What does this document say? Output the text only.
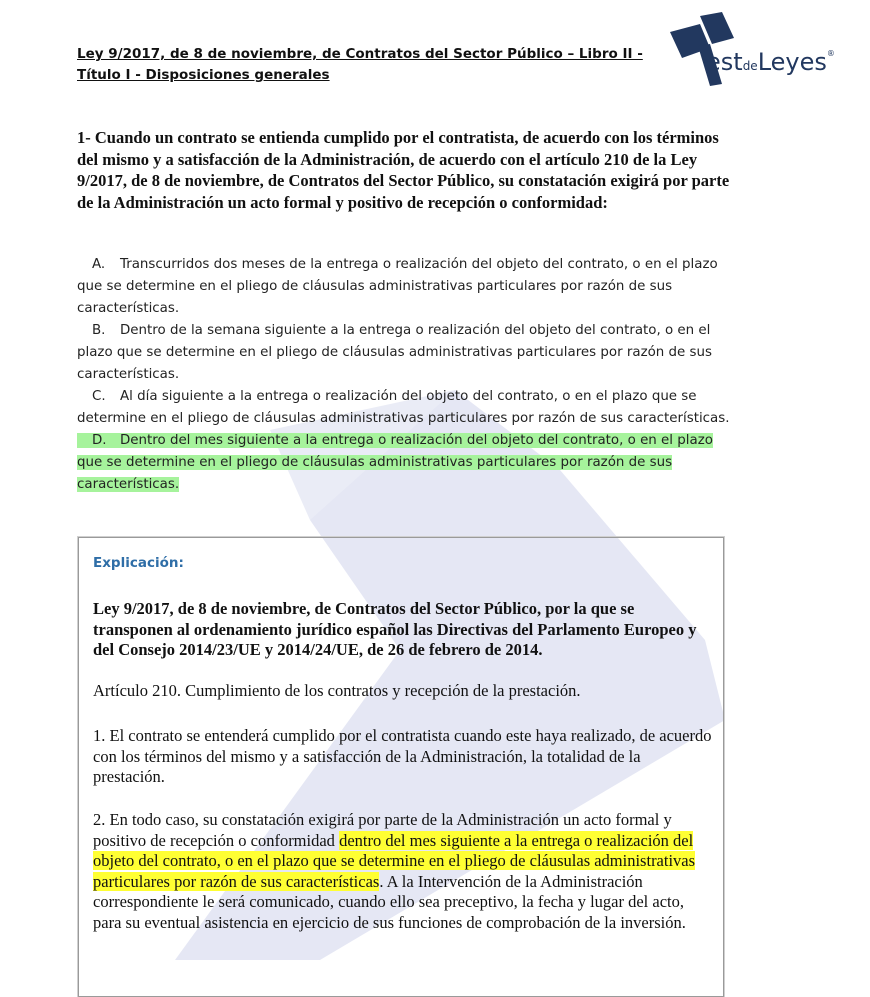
Ley 9/2017, de 8 de noviembre, de Contratos del Sector Público – Libro II - Título I - Disposiciones generales	estdeLeyes®
1- Cuando un contrato se entienda cumplido por el contratista, de acuerdo con los términos del mismo y a satisfacción de la Administración, de acuerdo con el artículo 210 de la Ley 9/2017, de 8 de noviembre, de Contratos del Sector Público, su constatación exigirá por parte de la Administración un acto formal y positivo de recepción o conformidad:
A. Transcurridos dos meses de la entrega o realización del objeto del contrato, o en el plazo que se determine en el pliego de cláusulas administrativas particulares por razón de sus características.
B. Dentro de la semana siguiente a la entrega o realización del objeto del contrato, o en el plazo que se determine en el pliego de cláusulas administrativas particulares por razón de sus características.
C. Al día siguiente a la entrega o realización del objeto del contrato, o en el plazo que se determine en el pliego de cláusulas administrativas particulares por razón de sus características.
D. Dentro del mes siguiente a la entrega o realización del objeto del contrato, o en el plazo que se determine en el pliego de cláusulas administrativas particulares por razón de sus características.
Explicación:
Ley 9/2017, de 8 de noviembre, de Contratos del Sector Público, por la que se transponen al ordenamiento jurídico español las Directivas del Parlamento Europeo y del Consejo 2014/23/UE y 2014/24/UE, de 26 de febrero de 2014.
Artículo 210. Cumplimiento de los contratos y recepción de la prestación.
1. El contrato se entenderá cumplido por el contratista cuando este haya realizado, de acuerdo con los términos del mismo y a satisfacción de la Administración, la totalidad de la prestación.
2. En todo caso, su constatación exigirá por parte de la Administración un acto formal y positivo de recepción o conformidad dentro del mes siguiente a la entrega o realización del objeto del contrato, o en el plazo que se determine en el pliego de cláusulas administrativas particulares por razón de sus características. A la Intervención de la Administración correspondiente le será comunicado, cuando ello sea preceptivo, la fecha y lugar del acto, para su eventual asistencia en ejercicio de sus funciones de comprobación de la inversión.
